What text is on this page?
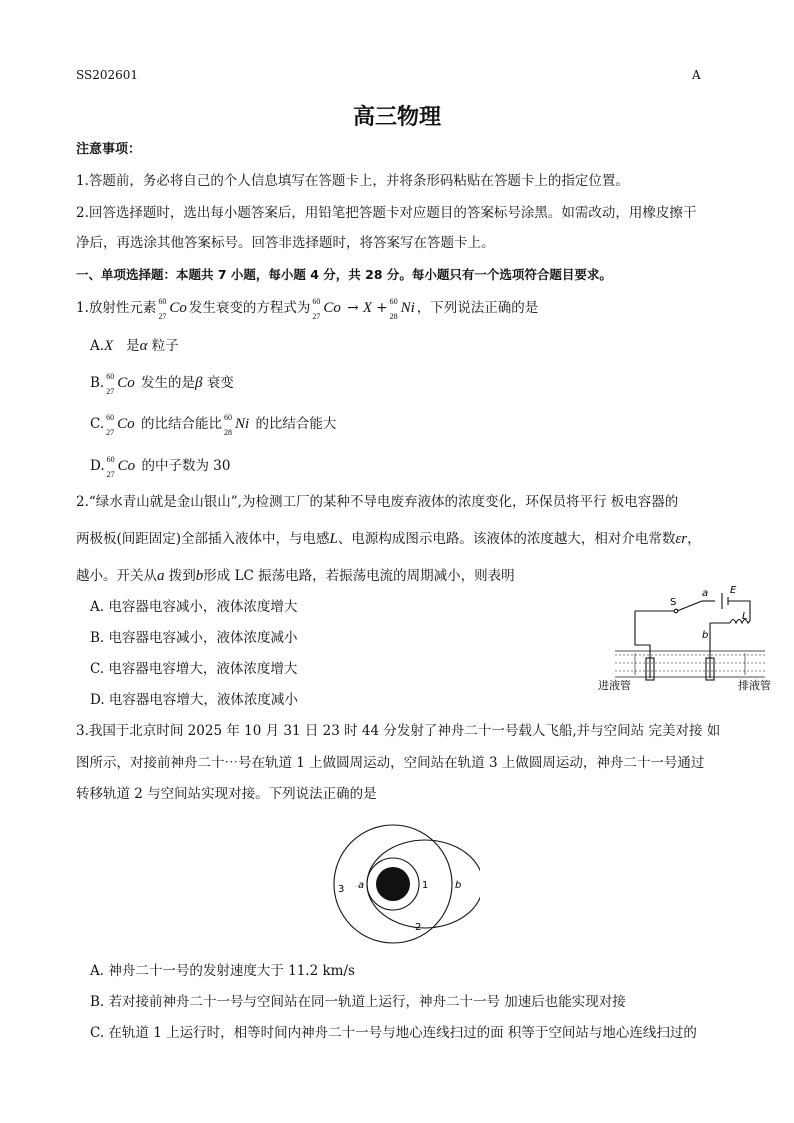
SS202601	A
高三物理
注意事项：
1.答题前，务必将自己的个人信息填写在答题卡上，并将条形码粘贴在答题卡上的指定位置。
2.回答选择题时，选出每小题答案后，用铅笔把答题卡对应题目的答案标号涂黑。如需改动，用橡皮擦干
净后，再选涂其他答案标号。回答非选择题时，将答案写在答题卡上。
一、单项选择题：本题共 7 小题，每小题 4 分，共 28 分。每小题只有一个选项符合题目要求。
1.放射性元素 60
27
Co 发生衰变的方程式为 60
27
Co → X + 60
28
Ni ，下列说法正确的是
A.X 是α 粒子
B. 60
27
Co 发生的是β 衰变
C. 60
27
Co 的比结合能比 60
28
Ni 的比结合能大
D. 60
27
Co 的中子数为 30
2.“绿水青山就是金山银山”,为检测工厂的某种不导电废弃液体的浓度变化，环保员将平行 板电容器的
两极板(间距固定)全部插入液体中，与电感L、电源构成图示电路。该液体的浓度越大，相对介电常数εr，
越小。开关从a 拨到b形成 LC 振荡电路，若振荡电流的周期减小，则表明
A. 电容器电容减小，液体浓度增大
B. 电容器电容减小，液体浓度减小
C. 电容器电容增大，液体浓度增大
D. 电容器电容增大，液体浓度减小
S
a E
L
b
进液管	排液管
3.我国于北京时间 2025 年 10 月 31 日 23 时 44 分发射了神舟二十一号载人飞船,并与空间站 完美对接 如
图所示，对接前神舟二十⋯号在轨道 1 上做圆周运动，空间站在轨道 3 上做圆周运动，神舟二十一号通过
转移轨道 2 与空间站实现对接。下列说法正确的是
1
2
3 a	b
A. 神舟二十一号的发射速度大于 11.2 km/s
B. 若对接前神舟二十一号与空间站在同一轨道上运行，神舟二十一号 加速后也能实现对接
C. 在轨道 1 上运行时，相等时间内神舟二十一号与地心连线扫过的面 积等于空间站与地心连线扫过的
